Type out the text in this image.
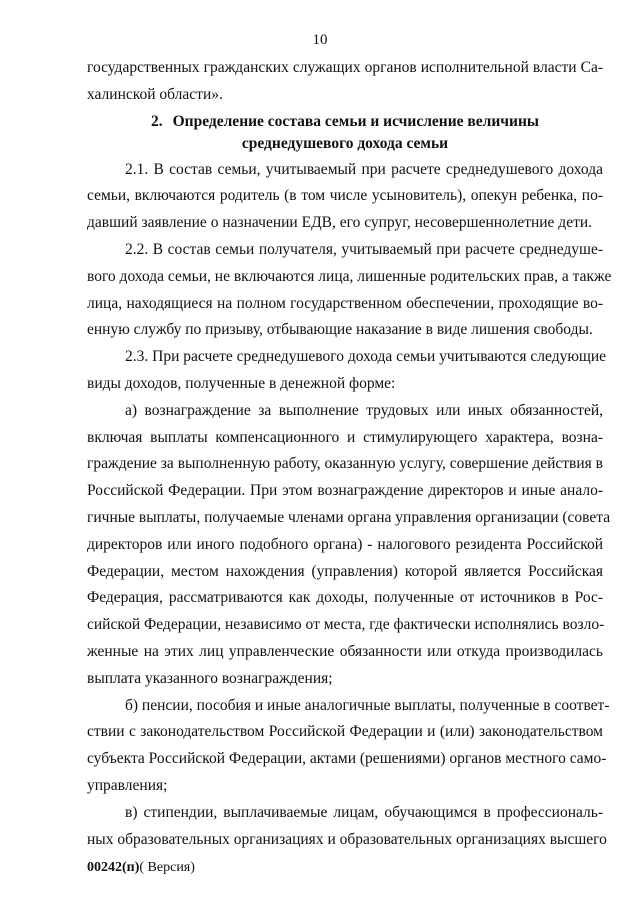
10
государственных гражданских служащих органов исполнительной власти Са-
халинской области».
2. Определение состава семьи и исчисление величины
среднедушевого дохода семьи
2.1. В состав семьи, учитываемый при расчете среднедушевого дохода
семьи, включаются родитель (в том числе усыновитель), опекун ребенка, по-
давший заявление о назначении ЕДВ, его супруг, несовершеннолетние дети.
2.2. В состав семьи получателя, учитываемый при расчете среднедуше-
вого дохода семьи, не включаются лица, лишенные родительских прав, а также
лица, находящиеся на полном государственном обеспечении, проходящие во-
енную службу по призыву, отбывающие наказание в виде лишения свободы.
2.3. При расчете среднедушевого дохода семьи учитываются следующие
виды доходов, полученные в денежной форме:
а) вознаграждение за выполнение трудовых или иных обязанностей,
включая выплаты компенсационного и стимулирующего характера, возна-
граждение за выполненную работу, оказанную услугу, совершение действия в
Российской Федерации. При этом вознаграждение директоров и иные анало-
гичные выплаты, получаемые членами органа управления организации (совета
директоров или иного подобного органа) - налогового резидента Российской
Федерации, местом нахождения (управления) которой является Российская
Федерация, рассматриваются как доходы, полученные от источников в Рос-
сийской Федерации, независимо от места, где фактически исполнялись возло-
женные на этих лиц управленческие обязанности или откуда производилась
выплата указанного вознаграждения;
б) пенсии, пособия и иные аналогичные выплаты, полученные в соответ-
ствии с законодательством Российской Федерации и (или) законодательством
субъекта Российской Федерации, актами (решениями) органов местного само-
управления;
в) стипендии, выплачиваемые лицам, обучающимся в профессиональ-
ных образовательных организациях и образовательных организациях высшего
00242(п)( Версия)
